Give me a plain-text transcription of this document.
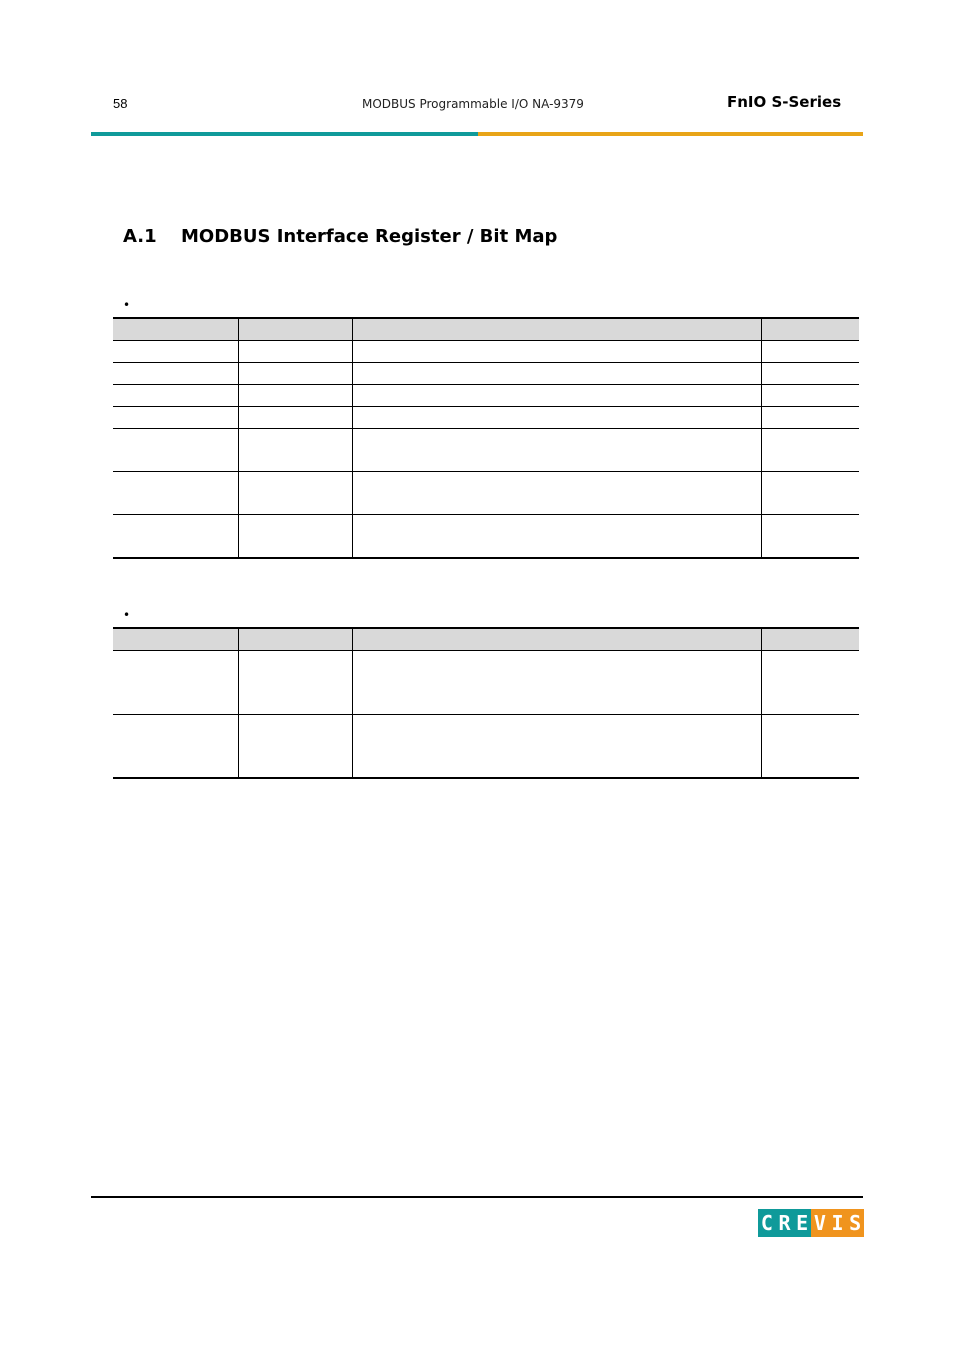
58	MODBUS Programmable I/O NA-9379	FnIO S-Series
A.1 MODBUS Interface Register / Bit Map
•

•

C R E V I S
